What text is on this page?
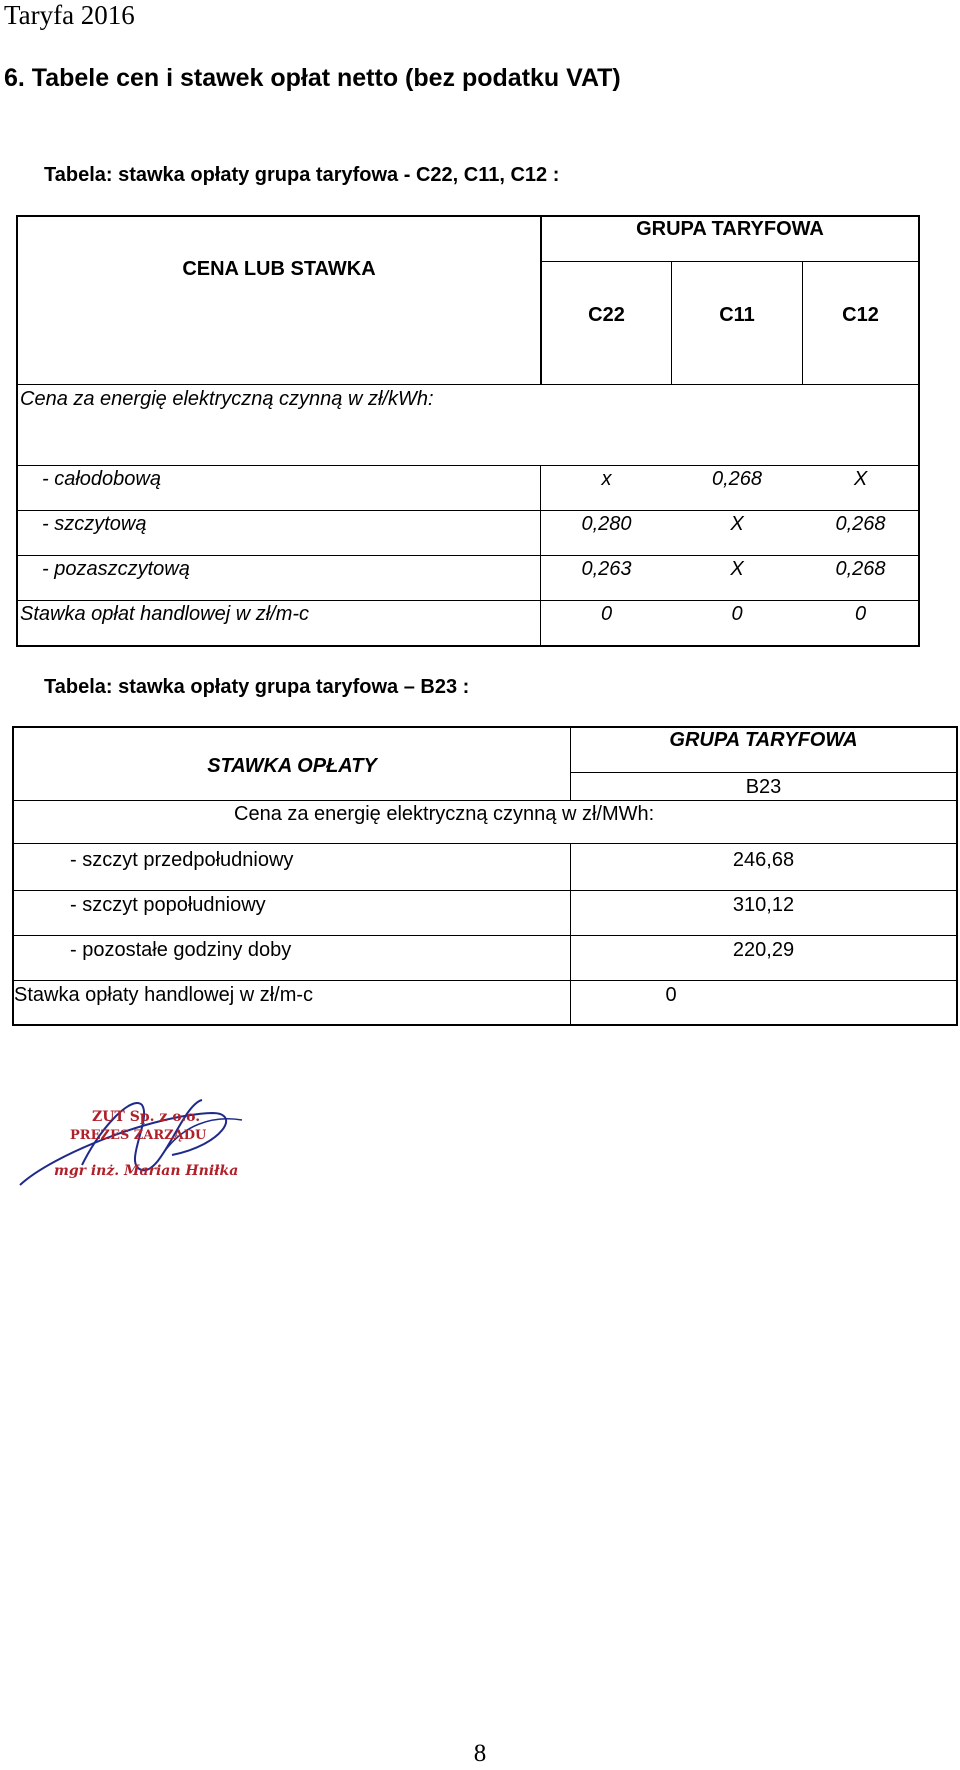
Taryfa 2016
6. Tabele cen i stawek opłat netto (bez podatku VAT)
Tabela: stawka opłaty grupa taryfowa - C22, C11, C12 :
CENA LUB STAWKA
GRUPA TARYFOWA
C22	C11	C12
Cena za energię elektryczną czynną w zł/kWh:
- całodobową	x	0,268	X
- szczytową	0,280	X	0,268
- pozaszczytową	0,263	X	0,268
Stawka opłat handlowej w zł/m-c	0	0	0
Tabela: stawka opłaty grupa taryfowa – B23 :
STAWKA OPŁATY
GRUPA TARYFOWA
B23
Cena za energię elektryczną czynną w zł/MWh:
- szczyt przedpołudniowy	246,68
- szczyt popołudniowy	310,12
- pozostałe godziny doby	220,29
Stawka opłaty handlowej w zł/m-c	0
ZUT Sp. z o.o.
PREZES ZARZĄDU
mgr inż. Marian Hniłka
8
